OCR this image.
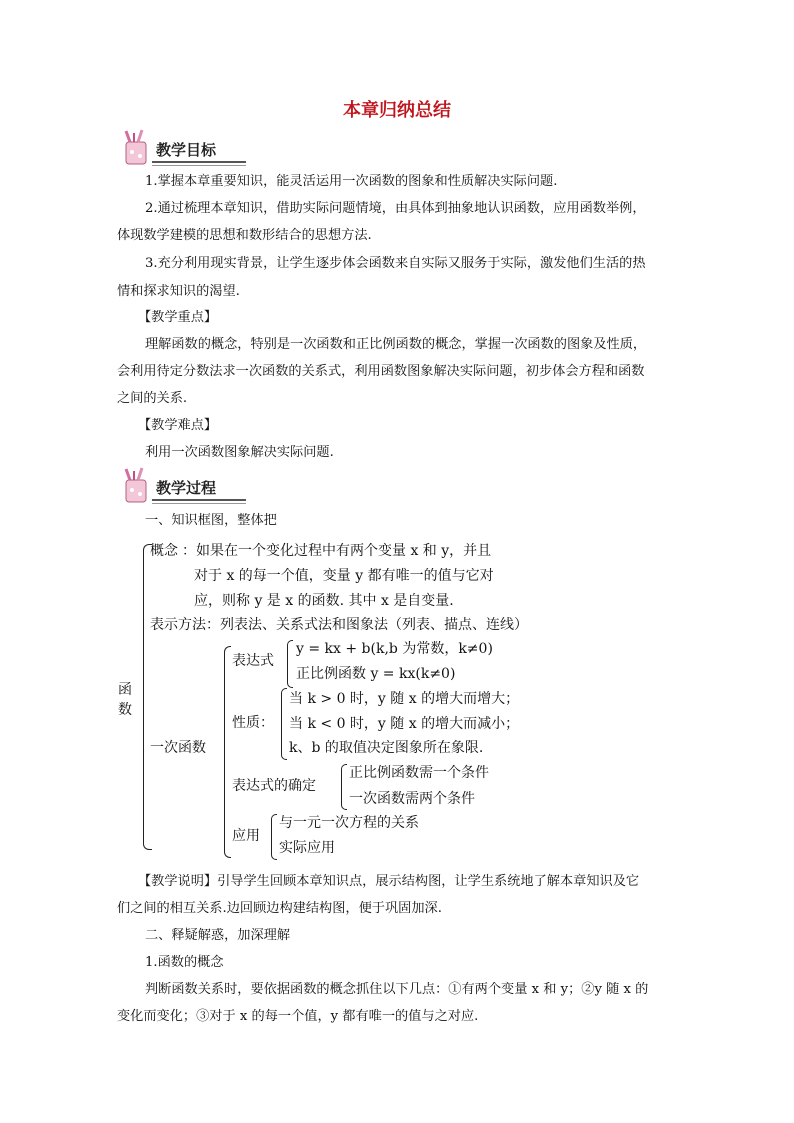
本章归纳总结
教学目标
1.掌握本章重要知识，能灵活运用一次函数的图象和性质解决实际问题.
2.通过梳理本章知识，借助实际问题情境，由具体到抽象地认识函数，应用函数举例，
体现数学建模的思想和数形结合的思想方法.
3.充分利用现实背景，让学生逐步体会函数来自实际又服务于实际，激发他们生活的热
情和探求知识的渴望.
【教学重点】
理解函数的概念，特别是一次函数和正比例函数的概念，掌握一次函数的图象及性质，
会利用待定分数法求一次函数的关系式，利用函数图象解决实际问题，初步体会方程和函数
之间的关系.
【教学难点】
利用一次函数图象解决实际问题.
教学过程
一、知识框图，整体把
函数
概念 ：如果在一个变化过程中有两个变量 x 和 y，并且
对于 x 的每一个值，变量 y 都有唯一的值与它对
应，则称 y 是 x 的函数. 其中 x 是自变量.
表示方法：列表法、关系式法和图象法（列表、描点、连线）
一次函数
表达式
y = kx + b(k,b 为常数，k≠0)
正比例函数 y = kx(k≠0)
性质：
当 k > 0 时，y 随 x 的增大而增大；
当 k < 0 时，y 随 x 的增大而减小；
k、b 的取值决定图象所在象限.
表达式的确定
正比例函数需一个条件
一次函数需两个条件
应用
与一元一次方程的关系
实际应用
【教学说明】引导学生回顾本章知识点，展示结构图，让学生系统地了解本章知识及它
们之间的相互关系.边回顾边构建结构图，便于巩固加深.
二、释疑解惑，加深理解
1.函数的概念
判断函数关系时，要依据函数的概念抓住以下几点：①有两个变量 x 和 y；②y 随 x 的
变化而变化；③对于 x 的每一个值，y 都有唯一的值与之对应.
